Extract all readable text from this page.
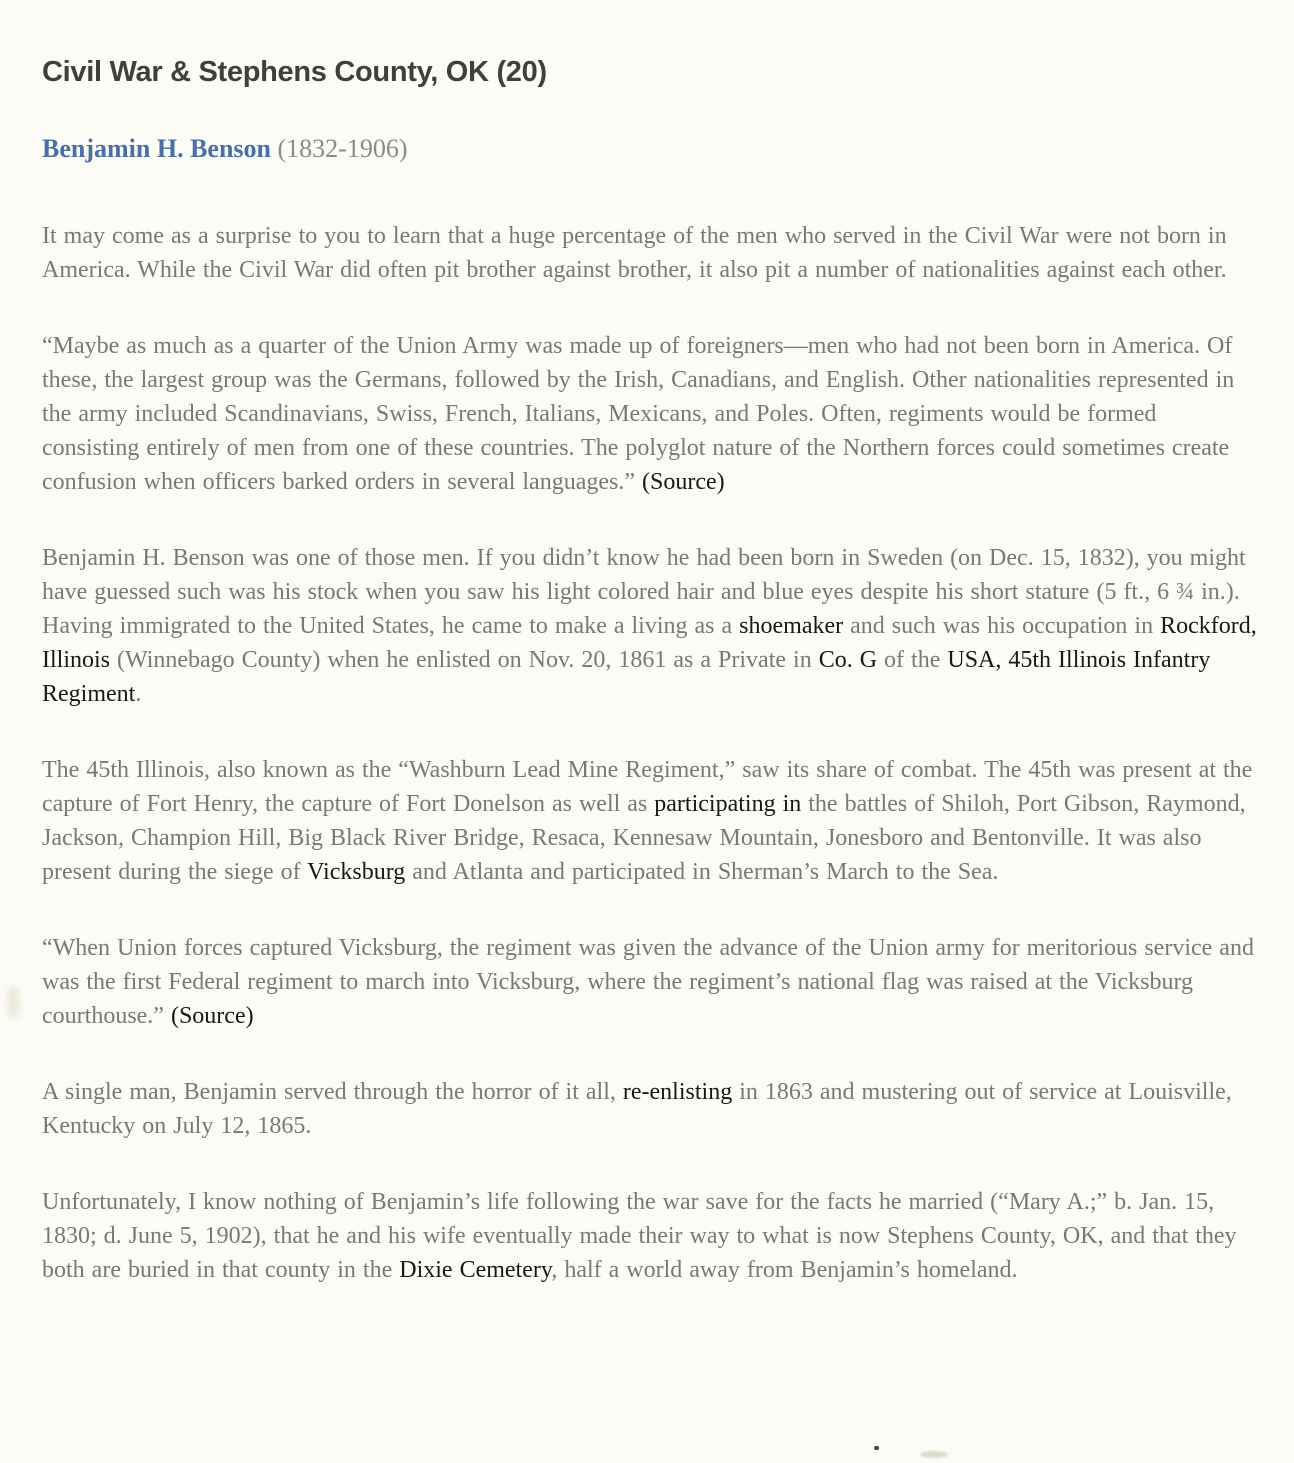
Civil War & Stephens County, OK (20)
Benjamin H. Benson (1832-1906)

It may come as a surprise to you to learn that a huge percentage of the men who served in the Civil War were not born in America. While the Civil War did often pit brother against brother, it also pit a number of nationalities against each other.

“Maybe as much as a quarter of the Union Army was made up of foreigners—men who had not been born in America. Of these, the largest group was the Germans, followed by the Irish, Canadians, and English. Other nationalities represented in the army included Scandinavians, Swiss, French, Italians, Mexicans, and Poles. Often, regiments would be formed consisting entirely of men from one of these countries. The polyglot nature of the Northern forces could sometimes create confusion when officers barked orders in several languages.” (Source)

Benjamin H. Benson was one of those men. If you didn’t know he had been born in Sweden (on Dec. 15, 1832), you might have guessed such was his stock when you saw his light colored hair and blue eyes despite his short stature (5 ft., 6 ¾ in.). Having immigrated to the United States, he came to make a living as a shoemaker and such was his occupation in Rockford, Illinois (Winnebago County) when he enlisted on Nov. 20, 1861 as a Private in Co. G of the USA, 45th Illinois Infantry Regiment.

The 45th Illinois, also known as the “Washburn Lead Mine Regiment,” saw its share of combat. The 45th was present at the capture of Fort Henry, the capture of Fort Donelson as well as participating in the battles of Shiloh, Port Gibson, Raymond, Jackson, Champion Hill, Big Black River Bridge, Resaca, Kennesaw Mountain, Jonesboro and Bentonville. It was also present during the siege of Vicksburg and Atlanta and participated in Sherman’s March to the Sea.

“When Union forces captured Vicksburg, the regiment was given the advance of the Union army for meritorious service and was the first Federal regiment to march into Vicksburg, where the regiment’s national flag was raised at the Vicksburg courthouse.” (Source)

A single man, Benjamin served through the horror of it all, re-enlisting in 1863 and mustering out of service at Louisville, Kentucky on July 12, 1865.

Unfortunately, I know nothing of Benjamin’s life following the war save for the facts he married (“Mary A.;” b. Jan. 15, 1830; d. June 5, 1902), that he and his wife eventually made their way to what is now Stephens County, OK, and that they both are buried in that county in the Dixie Cemetery, half a world away from Benjamin’s homeland.
